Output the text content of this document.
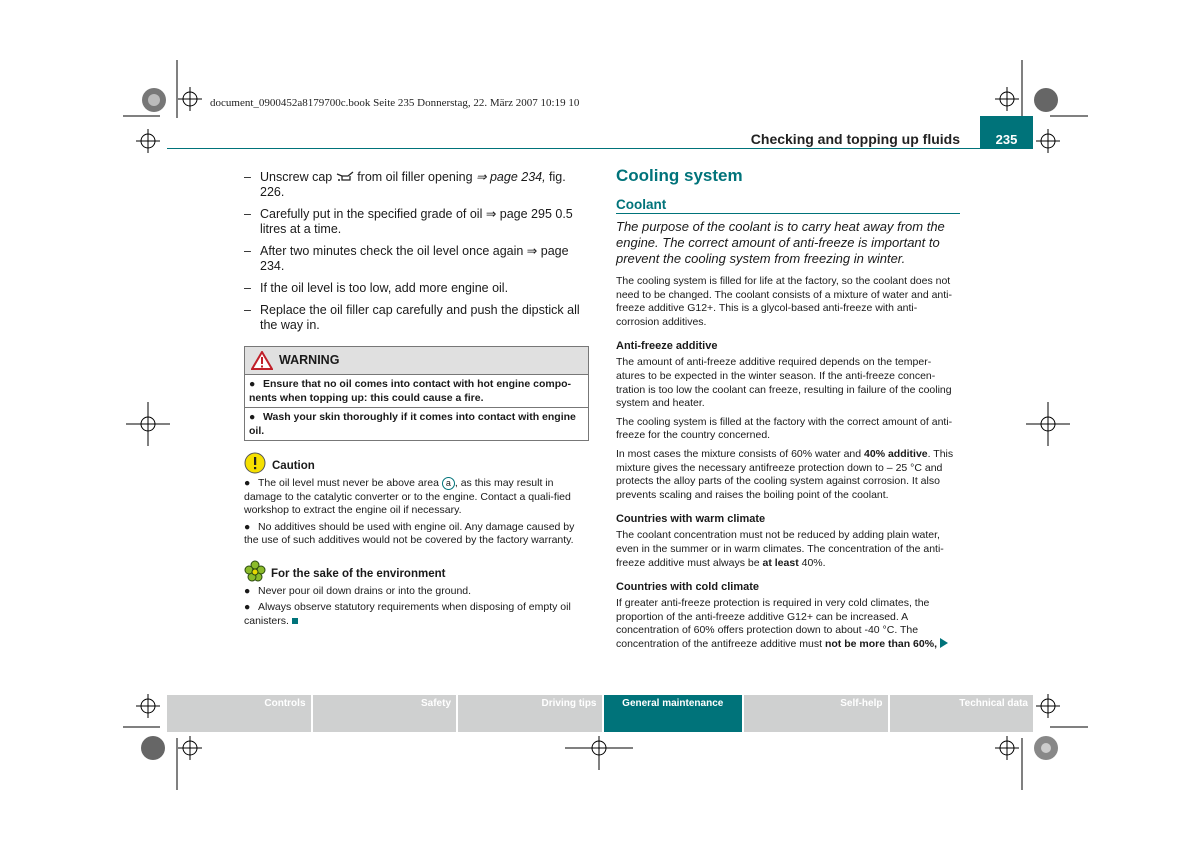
document_0900452a8179700c.book Seite 235 Donnerstag, 22. März 2007 10:19 10
Checking and topping up fluids	235
– Unscrew cap  from oil filler opening ⇒ page 234, fig. 226.
– Carefully put in the specified grade of oil ⇒ page 295 0.5 litres at a time.
– After two minutes check the oil level once again ⇒ page 234.
– If the oil level is too low, add more engine oil.
– Replace the oil filler cap carefully and push the dipstick all the way in.
WARNING
● Ensure that no oil comes into contact with hot engine compo-nents when topping up: this could cause a fire.
● Wash your skin thoroughly if it comes into contact with engine oil.
Caution
● The oil level must never be above area a , as this may result in damage to the catalytic converter or to the engine. Contact a quali-fied workshop to extract the engine oil if necessary.
● No additives should be used with engine oil. Any damage caused by the use of such additives would not be covered by the factory warranty.
For the sake of the environment
● Never pour oil down drains or into the ground.
● Always observe statutory requirements when disposing of empty oil canisters.
Cooling system
Coolant
The purpose of the coolant is to carry heat away from the engine. The correct amount of anti-freeze is important to prevent the cooling system from freezing in winter.
The cooling system is filled for life at the factory, so the coolant does not need to be changed. The coolant consists of a mixture of water and anti-freeze additive G12+. This is a glycol-based anti-freeze with anti-corrosion additives.
Anti-freeze additive
The amount of anti-freeze additive required depends on the temper-atures to be expected in the winter season. If the anti-freeze concen-tration is too low the coolant can freeze, resulting in failure of the cooling system and heater.
The cooling system is filled at the factory with the correct amount of anti-freeze for the country concerned.
In most cases the mixture consists of 60% water and 40% additive. This mixture gives the necessary antifreeze protection down to – 25 °C and protects the alloy parts of the cooling system against corrosion. It also prevents scaling and raises the boiling point of the coolant.
Countries with warm climate
The coolant concentration must not be reduced by adding plain water, even in the summer or in warm climates. The concentration of the anti-freeze additive must always be at least 40%.
Countries with cold climate
If greater anti-freeze protection is required in very cold climates, the proportion of the anti-freeze additive G12+ can be increased. A concentration of 60% offers protection down to about -40 °C. The concentration of the antifreeze additive must not be more than 60%,
Controls	Safety	Driving tips	General maintenance	Self-help	Technical data
